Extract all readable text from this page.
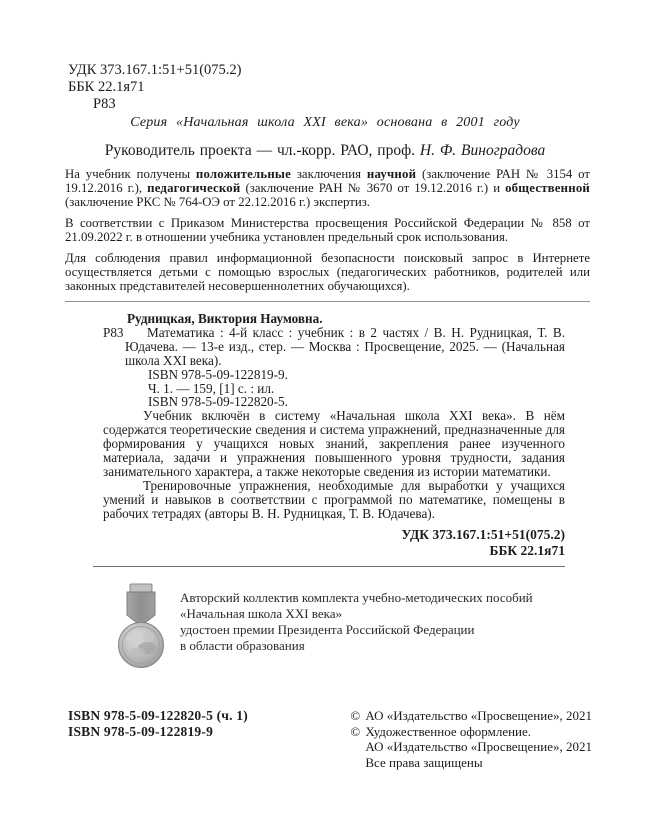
УДК 373.167.1:51+51(075.2)
ББК 22.1я71
Р83
Серия «Начальная школа XXI века» основана в 2001 году
Руководитель проекта — чл.-корр. РАО, проф. Н. Ф. Виноградова

На учебник получены положительные заключения научной (заключение РАН № 3154 от 19.12.2016 г.), педагогической (заключение РАН № 3670 от 19.12.2016 г.) и общественной (заключение РКС № 764-ОЭ от 22.12.2016 г.) экспертиз.

В соответствии с Приказом Министерства просвещения Российской Федерации № 858 от 21.09.2022 г. в отношении учебника установлен предельный срок использования.

Для соблюдения правил информационной безопасности поисковый запрос в Интернете осуществляется детьми с помощью взрослых (педагогических работников, родителей или законных представителей несовершеннолетних обучающихся).

Рудницкая, Виктория Наумовна.

Р83	Математика : 4-й класс : учебник : в 2 частях / В. Н. Рудницкая, Т. В. Юдачева. — 13-е изд., стер. — Москва : Просвещение, 2025. — (Начальная школа XXI века).

ISBN 978-5-09-122819-9.
Ч. 1. — 159, [1] с. : ил.
ISBN 978-5-09-122820-5.

Учебник включён в систему «Начальная школа XXI века». В нём содержатся теоретические сведения и система упражнений, предназначенные для формирования у учащихся новых знаний, закрепления ранее изученного материала, задачи и упражнения повышенного уровня трудности, задания занимательного характера, а также некоторые сведения из истории математики.

Тренировочные упражнения, необходимые для выработки у учащихся умений и навыков в соответствии с программой по математике, помещены в рабочих тетрадях (авторы В. Н. Рудницкая, Т. В. Юдачева).

УДК 373.167.1:51+51(075.2)
ББК 22.1я71
Авторский коллектив комплекта учебно-методических пособий
«Начальная школа XXI века»
удостоен премии Президента Российской Федерации
в области образования
ISBN 978-5-09-122820-5 (ч. 1)
ISBN 978-5-09-122819-9
© АО «Издательство «Просвещение», 2021
© Художественное оформление.
АО «Издательство «Просвещение», 2021
Все права защищены
